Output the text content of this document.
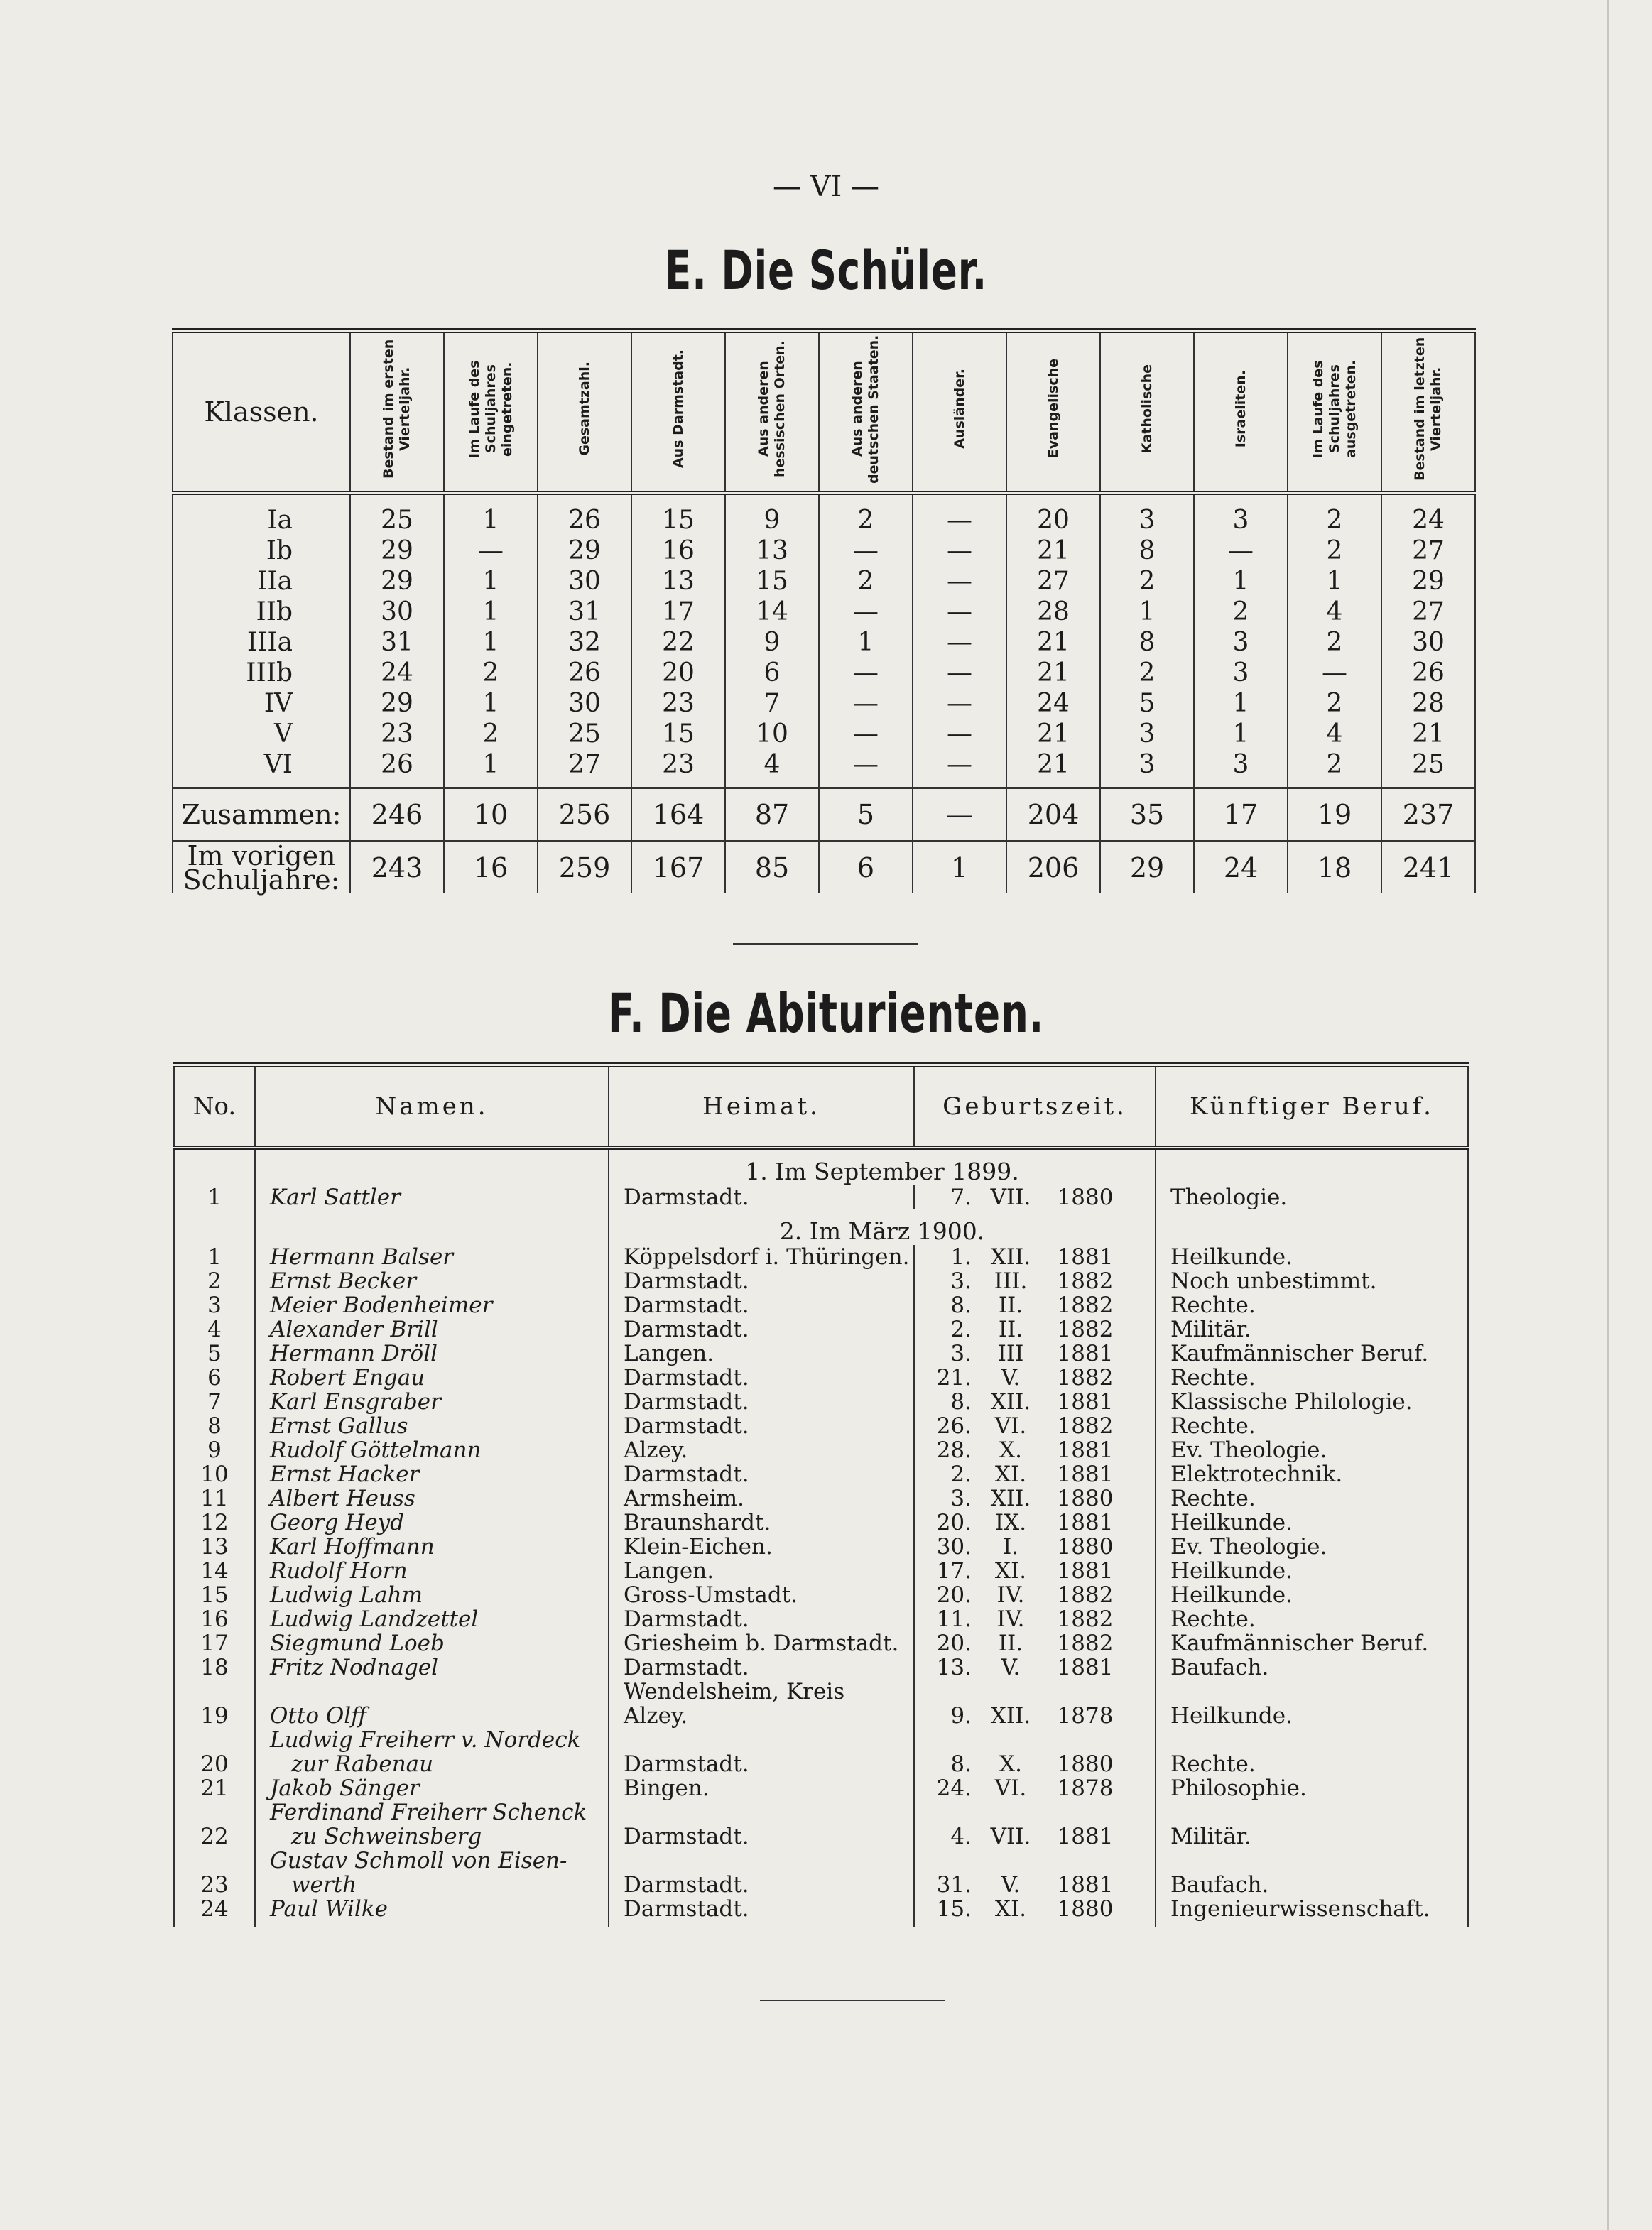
— VI —
E. Die Schüler.
Klassen.	Bestand im ersten Vierteljahr.	Im Laufe des Schuljahres eingetreten.	Gesamtzahl.	Aus Darmstadt.	Aus anderen hessischen Orten.	Aus anderen deutschen Staaten.	Ausländer.	Evangelische	Katholische	Israeliten.	Im Laufe des Schuljahres ausgetreten.	Bestand im letzten Vierteljahr.
Ia	25	1	26	15	9	2	—	20	3	3	2	24
Ib	29	—	29	16	13	—	—	21	8	—	2	27
IIa	29	1	30	13	15	2	—	27	2	1	1	29
IIb	30	1	31	17	14	—	—	28	1	2	4	27
IIIa	31	1	32	22	9	1	—	21	8	3	2	30
IIIb	24	2	26	20	6	—	—	21	2	3	—	26
IV	29	1	30	23	7	—	—	24	5	1	2	28
V	23	2	25	15	10	—	—	21	3	1	4	21
VI	26	1	27	23	4	—	—	21	3	3	2	25
Zusammen:	246	10	256	164	87	5	—	204	35	17	19	237
Im vorigen
Schuljahre:	243	16	259	167	85	6	1	206	29	24	18	241
F. Die Abiturienten.
No.	Namen.	Heimat.	Geburtszeit.	Künftiger Beruf.
		1. Im September 1899.		
1	Karl Sattler	Darmstadt.	7. VII. 1880	Theologie.
		2. Im März 1900.		
1	Hermann Balser	Köppelsdorf i. Thüringen.	1. XII. 1881	Heilkunde.
2	Ernst Becker	Darmstadt.	3. III. 1882	Noch unbestimmt.
3	Meier Bodenheimer	Darmstadt.	8. II. 1882	Rechte.
4	Alexander Brill	Darmstadt.	2. II. 1882	Militär.
5	Hermann Dröll	Langen.	3. III 1881	Kaufmännischer Beruf.
6	Robert Engau	Darmstadt.	21. V. 1882	Rechte.
7	Karl Ensgraber	Darmstadt.	8. XII. 1881	Klassische Philologie.
8	Ernst Gallus	Darmstadt.	26. VI. 1882	Rechte.
9	Rudolf Göttelmann	Alzey.	28. X. 1881	Ev. Theologie.
10	Ernst Hacker	Darmstadt.	2. XI. 1881	Elektrotechnik.
11	Albert Heuss	Armsheim.	3. XII. 1880	Rechte.
12	Georg Heyd	Braunshardt.	20. IX. 1881	Heilkunde.
13	Karl Hoffmann	Klein-Eichen.	30. I. 1880	Ev. Theologie.
14	Rudolf Horn	Langen.	17. XI. 1881	Heilkunde.
15	Ludwig Lahm	Gross-Umstadt.	20. IV. 1882	Heilkunde.
16	Ludwig Landzettel	Darmstadt.	11. IV. 1882	Rechte.
17	Siegmund Loeb	Griesheim b. Darmstadt.	20. II. 1882	Kaufmännischer Beruf.
18	Fritz Nodnagel	Darmstadt.	13. V. 1881	Baufach.
19	Otto Olff	Wendelsheim, Kreis Alzey.	9. XII. 1878	Heilkunde.
20	Ludwig Freiherr v. Nordeck
zur Rabenau	Darmstadt.	8. X. 1880	Rechte.
21	Jakob Sänger	Bingen.	24. VI. 1878	Philosophie.
22	Ferdinand Freiherr Schenck
zu Schweinsberg	Darmstadt.	4. VII. 1881	Militär.
23	Gustav Schmoll von Eisen-
werth	Darmstadt.	31. V. 1881	Baufach.
24	Paul Wilke	Darmstadt.	15. XI. 1880	Ingenieurwissenschaft.
